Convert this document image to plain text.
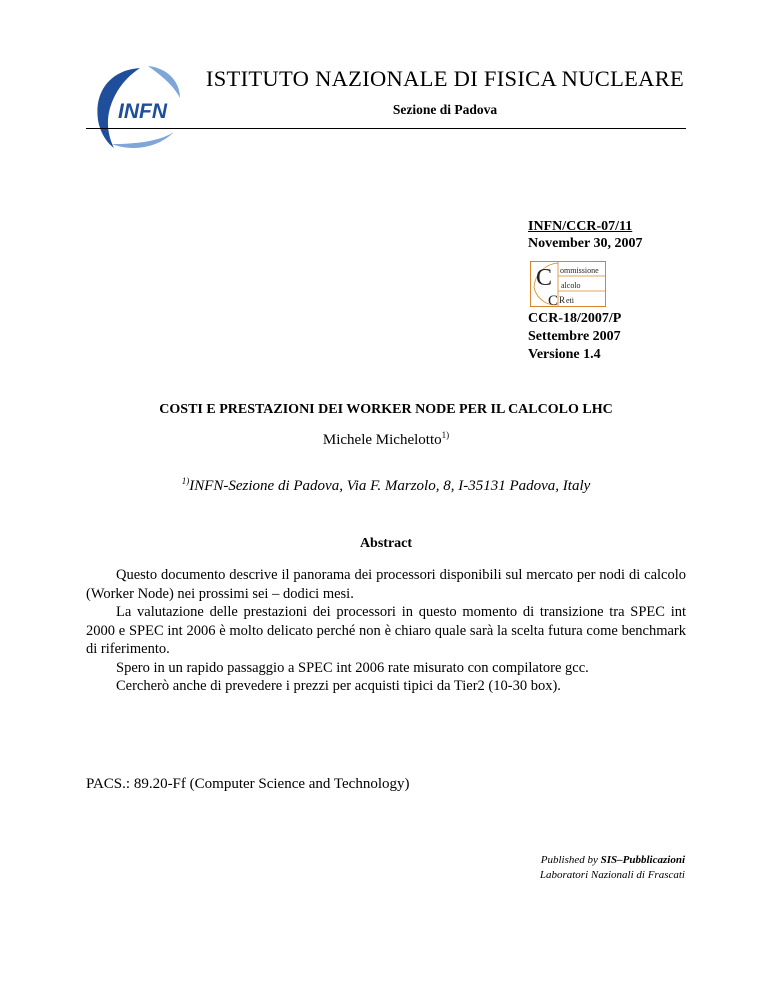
INFN
ISTITUTO NAZIONALE DI FISICA NUCLEARE
Sezione di Padova
INFN/CCR-07/11
November 30, 2007
C
C
ommissione
alcolo
R eti
CCR-18/2007/P
Settembre 2007
Versione 1.4
COSTI E PRESTAZIONI DEI WORKER NODE PER IL CALCOLO LHC
Michele Michelotto$^{1)}$
$^{1)}$INFN-Sezione di Padova, Via F. Marzolo, 8, I-35131 Padova, Italy
Abstract

Questo documento descrive il panorama dei processori disponibili sul mercato per nodi di calcolo (Worker Node) nei prossimi sei – dodici mesi.

La valutazione delle prestazioni dei processori in questo momento di transizione tra SPEC int 2000 e SPEC int 2006 è molto delicato perché non è chiaro quale sarà la scelta futura come benchmark di riferimento.

Spero in un rapido passaggio a SPEC int 2006 rate misurato con compilatore gcc.

Cercherò anche di prevedere i prezzi per acquisti tipici da Tier2 (10-30 box).

PACS.: 89.20-Ff (Computer Science and Technology)
Published by SIS–Pubblicazioni
Laboratori Nazionali di Frascati
